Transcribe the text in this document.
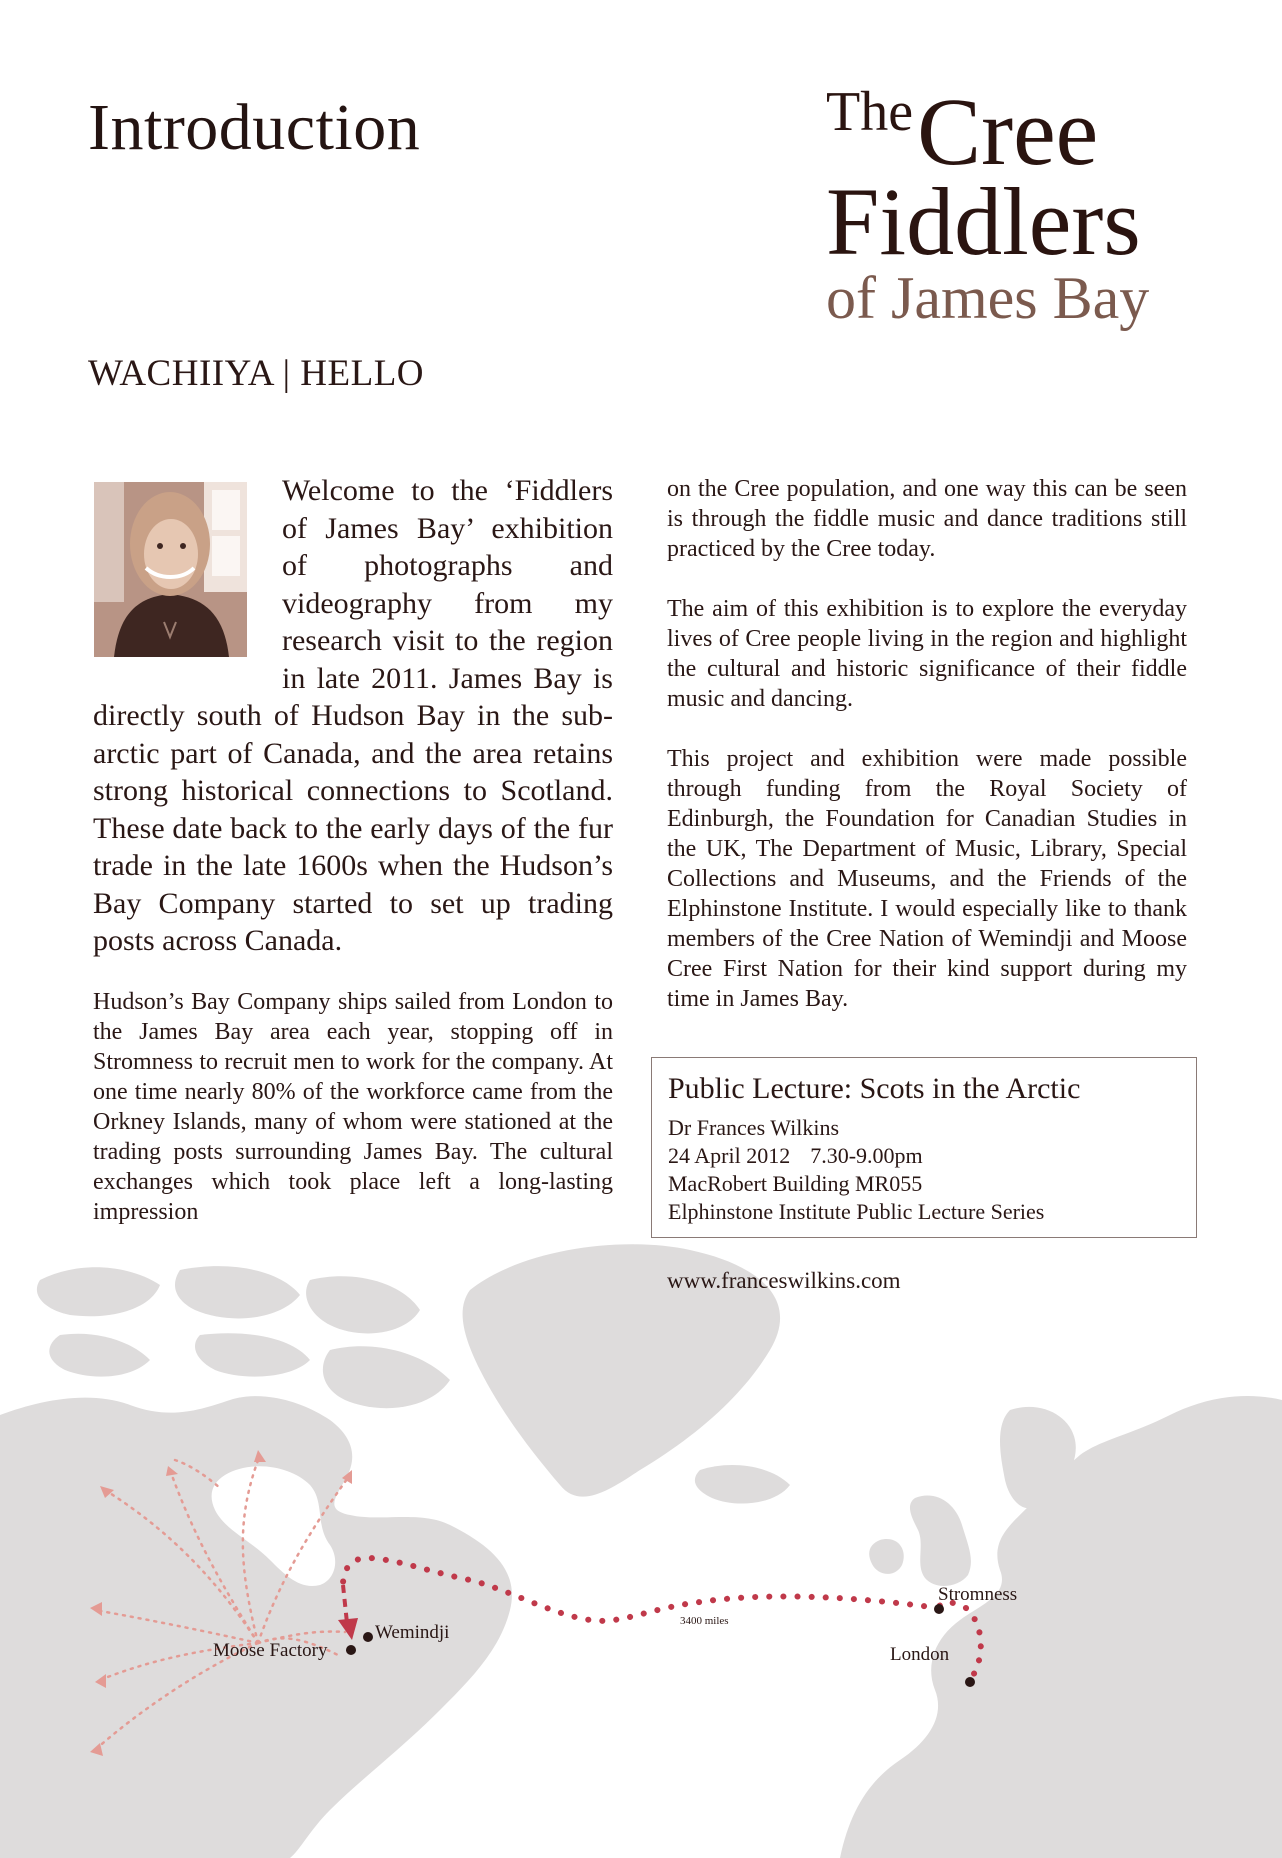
Moose Factory
Wemindji
Stromness
London
3400 miles
Introduction	TheCree
Fiddlers
of James Bay
WACHIIYA | HELLO

Welcome to the ‘Fiddlers of James Bay’ exhibition of photographs and videography from my research visit to the region in late 2011. James Bay is directly south of Hudson Bay in the sub-arctic part of Canada, and the area retains strong historical connections to Scotland. These date back to the early days of the fur trade in the late 1600s when the Hudson’s Bay Company started to set up trading posts across Canada.

Hudson’s Bay Company ships sailed from London to the James Bay area each year, stopping off in Stromness to recruit men to work for the company. At one time nearly 80% of the workforce came from the Orkney Islands, many of whom were stationed at the trading posts surrounding James Bay. The cultural exchanges which took place left a long-lasting impression

on the Cree population, and one way this can be seen is through the fiddle music and dance traditions still practiced by the Cree today.

The aim of this exhibition is to explore the everyday lives of Cree people living in the region and highlight the cultural and historic significance of their fiddle music and dancing.

This project and exhibition were made possible through funding from the Royal Society of Edinburgh, the Foundation for Canadian Studies in the UK, The Department of Music, Library, Special Collections and Museums, and the Friends of the Elphinstone Institute. I would especially like to thank members of the Cree Nation of Wemindji and Moose Cree First Nation for their kind support during my time in James Bay.

Public Lecture: Scots in the Arctic
Dr Frances Wilkins
24 April 2012 7.30-9.00pm
MacRobert Building MR055
Elphinstone Institute Public Lecture Series
www.franceswilkins.com
